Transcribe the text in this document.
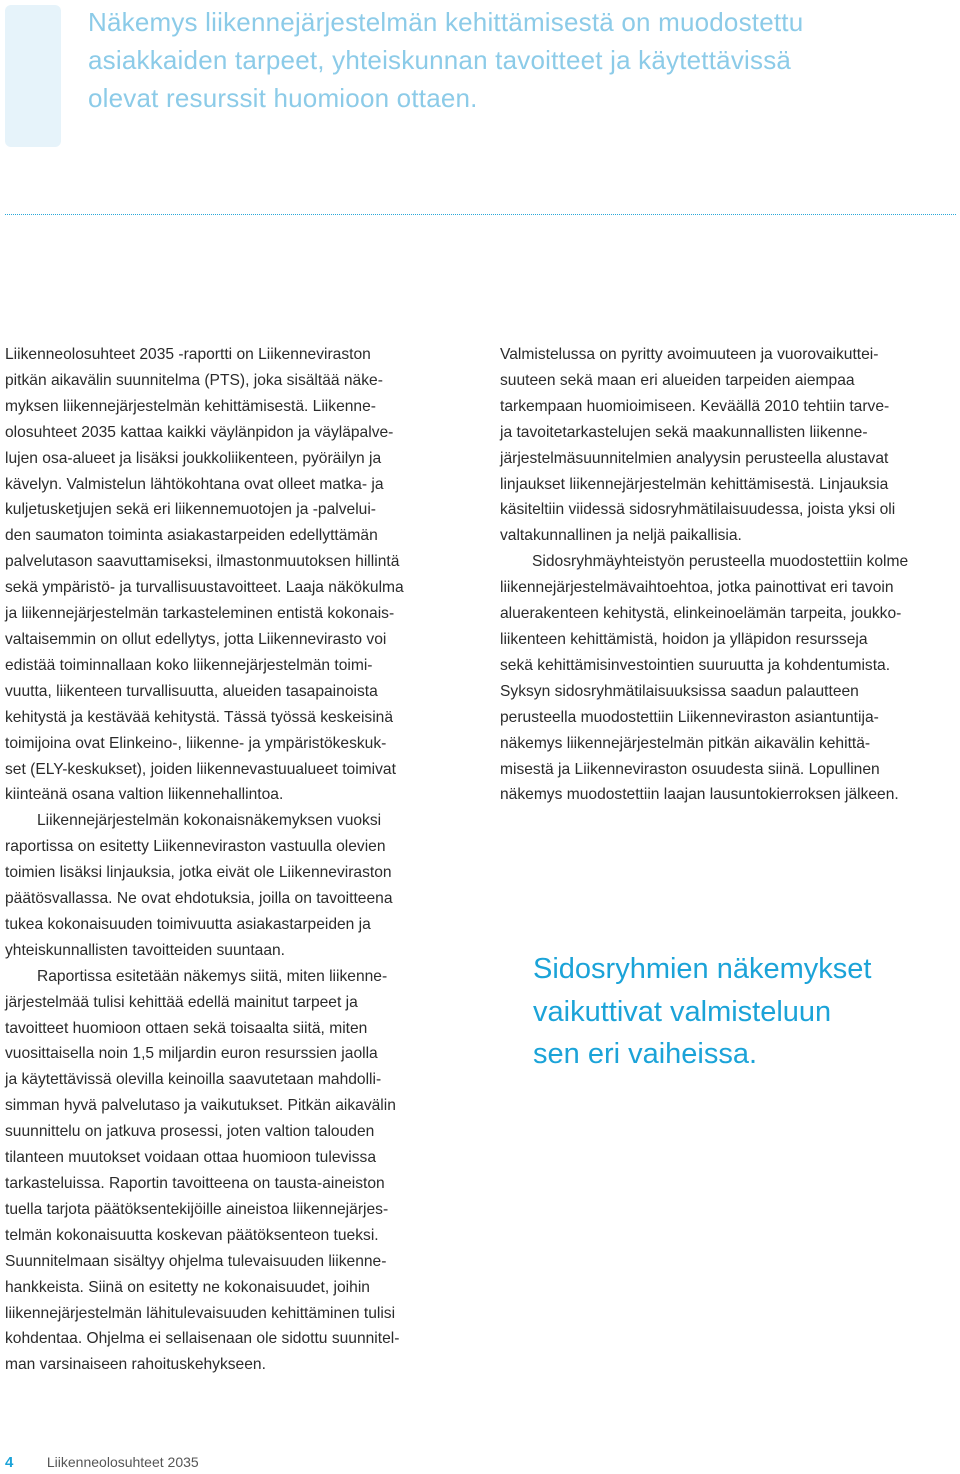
Näkemys liikennejärjestelmän kehittämisestä on muodostettu
asiakkaiden tarpeet, yhteiskunnan tavoitteet ja käytettävissä
olevat resurssit huomioon ottaen.

Liikenneolosuhteet 2035 -raportti on Liikenneviraston
pitkän aikavälin suunnitelma (PTS), joka sisältää näke-
myksen liikennejärjestelmän kehittämisestä. Liikenne-
olosuhteet 2035 kattaa kaikki väylänpidon ja väyläpalve-
lujen osa-alueet ja lisäksi joukkoliikenteen, pyöräilyn ja
kävelyn. Valmistelun lähtökohtana ovat olleet matka- ja
kuljetusketjujen sekä eri liikennemuotojen ja -palvelui-
den saumaton toiminta asiakastarpeiden edellyttämän
palvelutason saavuttamiseksi, ilmastonmuutoksen hillintä
sekä ympäristö- ja turvallisuustavoitteet. Laaja näkökulma
ja liikennejärjestelmän tarkasteleminen entistä kokonais-
valtaisemmin on ollut edellytys, jotta Liikennevirasto voi
edistää toiminnallaan koko liikennejärjestelmän toimi-
vuutta, liikenteen turvallisuutta, alueiden tasapainoista
kehitystä ja kestävää kehitystä. Tässä työssä keskeisinä
toimijoina ovat Elinkeino-, liikenne- ja ympäristökeskuk-
set (ELY-keskukset), joiden liikennevastuualueet toimivat
kiinteänä osana valtion liikennehallintoa.

Liikennejärjestelmän kokonaisnäkemyksen vuoksi
raportissa on esitetty Liikenneviraston vastuulla olevien
toimien lisäksi linjauksia, jotka eivät ole Liikenneviraston
päätösvallassa. Ne ovat ehdotuksia, joilla on tavoitteena
tukea kokonaisuuden toimivuutta asiakastarpeiden ja
yhteiskunnallisten tavoitteiden suuntaan.

Raportissa esitetään näkemys siitä, miten liikenne-
järjestelmää tulisi kehittää edellä mainitut tarpeet ja
tavoitteet huomioon ottaen sekä toisaalta siitä, miten
vuosittaisella noin 1,5 miljardin euron resurssien jaolla
ja käytettävissä olevilla keinoilla saavutetaan mahdolli-
simman hyvä palvelutaso ja vaikutukset. Pitkän aikavälin
suunnittelu on jatkuva prosessi, joten valtion talouden
tilanteen muutokset voidaan ottaa huomioon tulevissa
tarkasteluissa. Raportin tavoitteena on tausta-aineiston
tuella tarjota päätöksentekijöille aineistoa liikennejärjes-
telmän kokonaisuutta koskevan päätöksenteon tueksi.
Suunnitelmaan sisältyy ohjelma tulevaisuuden liikenne-
hankkeista. Siinä on esitetty ne kokonaisuudet, joihin
liikennejärjestelmän lähitulevaisuuden kehittäminen tulisi
kohdentaa. Ohjelma ei sellaisenaan ole sidottu suunnitel-
man varsinaiseen rahoituskehykseen.

Valmistelussa on pyritty avoimuuteen ja vuorovaikuttei-
suuteen sekä maan eri alueiden tarpeiden aiempaa
tarkempaan huomioimiseen. Keväällä 2010 tehtiin tarve-
ja tavoitetarkastelujen sekä maakunnallisten liikenne-
järjestelmäsuunnitelmien analyysin perusteella alustavat
linjaukset liikennejärjestelmän kehittämisestä. Linjauksia
käsiteltiin viidessä sidosryhmätilaisuudessa, joista yksi oli
valtakunnallinen ja neljä paikallisia.

Sidosryhmäyhteistyön perusteella muodostettiin kolme
liikennejärjestelmävaihtoehtoa, jotka painottivat eri tavoin
aluerakenteen kehitystä, elinkeinoelämän tarpeita, joukko-
liikenteen kehittämistä, hoidon ja ylläpidon resursseja
sekä kehittämisinvestointien suuruutta ja kohdentumista.
Syksyn sidosryhmätilaisuuksissa saadun palautteen
perusteella muodostettiin Liikenneviraston asiantuntija-
näkemys liikennejärjestelmän pitkän aikavälin kehittä-
misestä ja Liikenneviraston osuudesta siinä. Lopullinen
näkemys muodostettiin laajan lausuntokierroksen jälkeen.

Sidosryhmien näkemykset
vaikuttivat valmisteluun
sen eri vaiheissa.
4 Liikenneolosuhteet 2035
